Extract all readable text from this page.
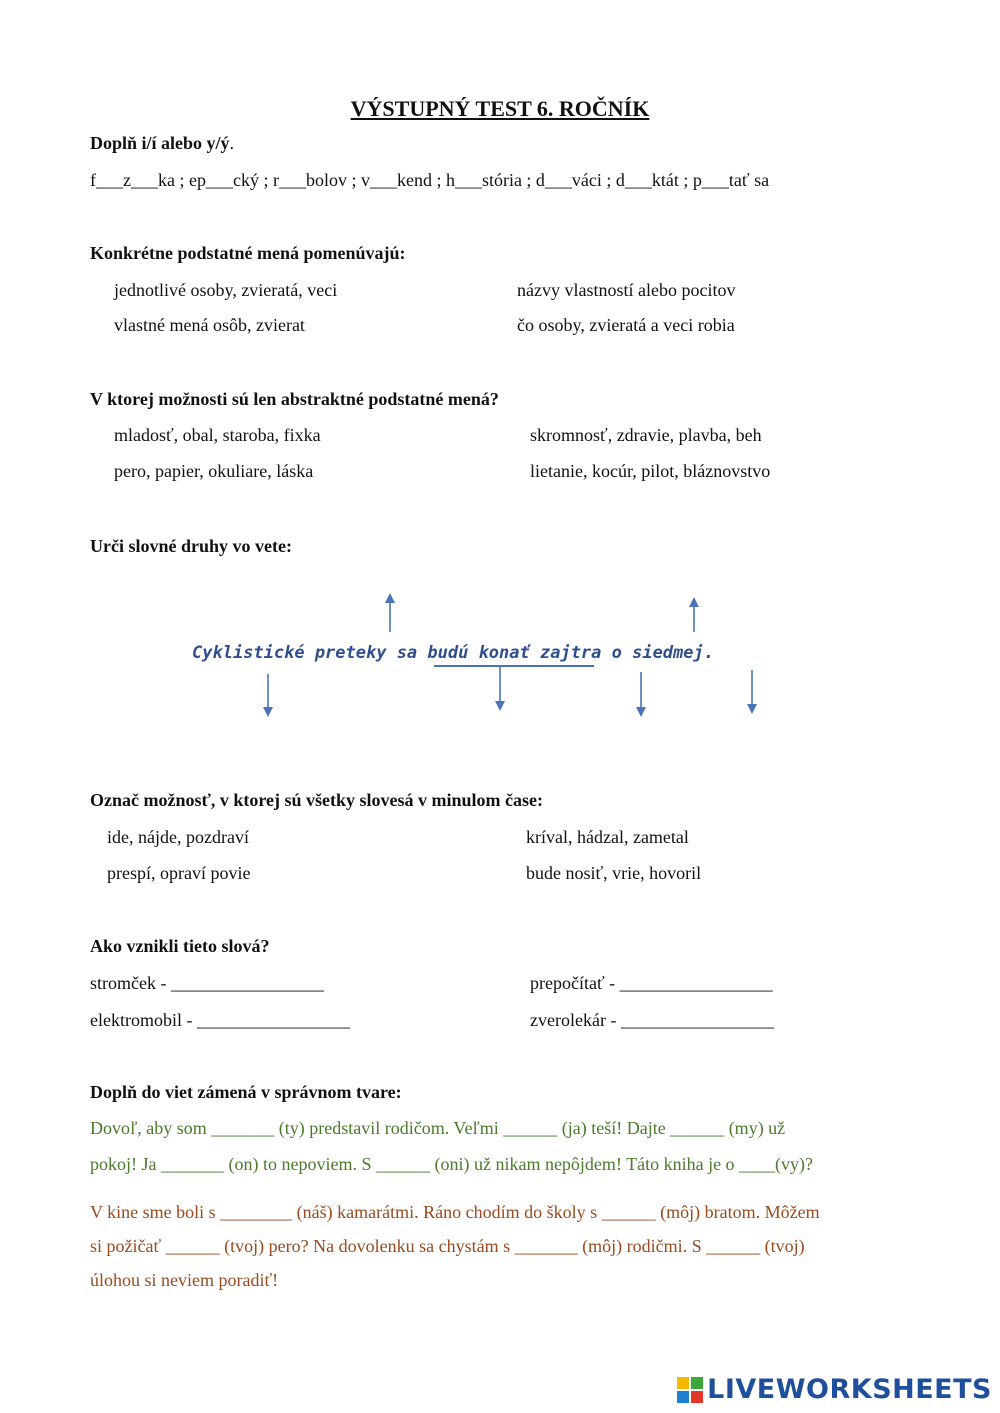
VÝSTUPNÝ TEST 6. ROČNÍK
Doplň i/í alebo y/ý.
f___z___ka ; ep___cký ; r___bolov ; v___kend ; h___stória ; d___váci ; d___ktát ; p___tať sa
Konkrétne podstatné mená pomenúvajú:
jednotlivé osoby, zvieratá, veci	názvy vlastností alebo pocitov
vlastné mená osôb, zvierat	čo osoby, zvieratá a veci robia
V ktorej možnosti sú len abstraktné podstatné mená?
mladosť, obal, staroba, fixka	skromnosť, zdravie, plavba, beh
pero, papier, okuliare, láska	lietanie, kocúr, pilot, bláznovstvo
Urči slovné druhy vo vete:
Cyklistické preteky sa budú konať zajtra o siedmej.
Označ možnosť, v ktorej sú všetky slovesá v minulom čase:
ide, nájde, pozdraví	kríval, hádzal, zametal
prespí, opraví povie	bude nosiť, vrie, hovoril
Ako vznikli tieto slová?
stromček - _________________	prepočítať - _________________
elektromobil - _________________	zverolekár - _________________
Doplň do viet zámená v správnom tvare:
Dovoľ, aby som _______ (ty) predstavil rodičom. Veľmi ______ (ja) teší! Dajte ______ (my) už
pokoj! Ja _______ (on) to nepoviem. S ______ (oni) už nikam nepôjdem! Táto kniha je o ____(vy)?
V kine sme boli s ________ (náš) kamarátmi. Ráno chodím do školy s ______ (môj) bratom. Môžem
si požičať ______ (tvoj) pero? Na dovolenku sa chystám s _______ (môj) rodičmi. S ______ (tvoj)
úlohou si neviem poradiť!
LIVEWORKSHEETS
